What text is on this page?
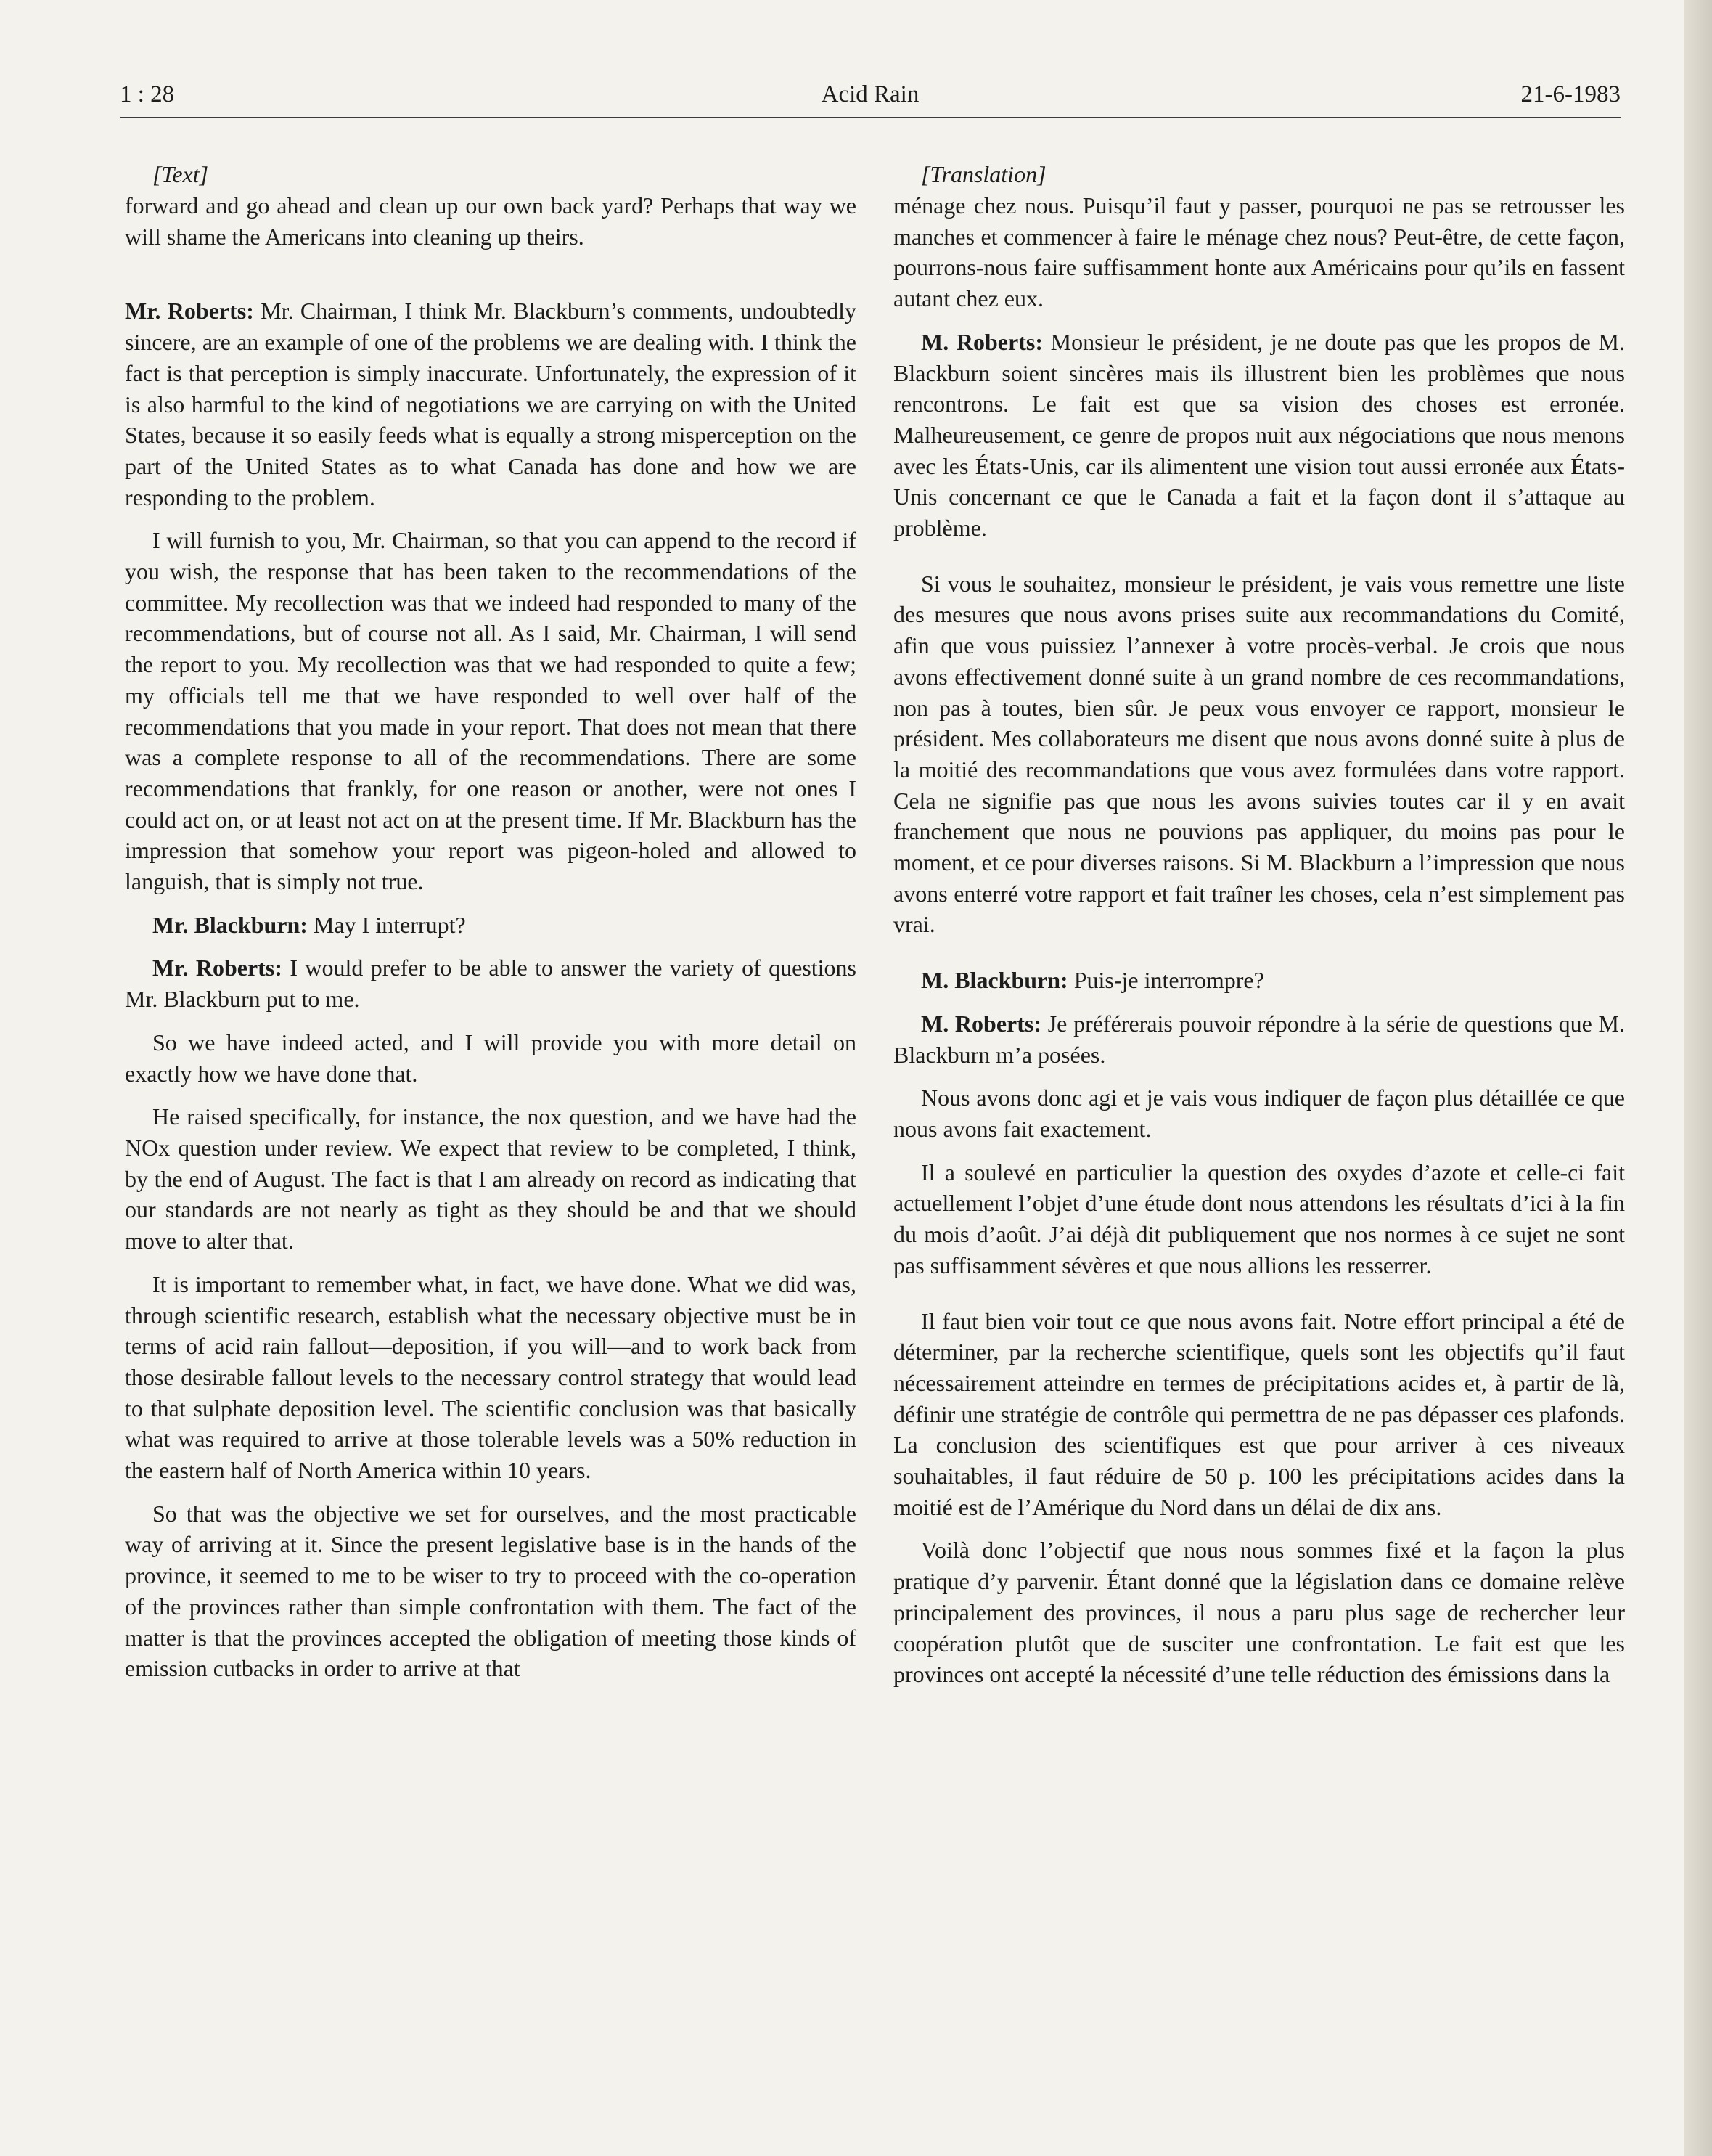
1 : 28	Acid Rain	21-6-1983

[Text]

forward and go ahead and clean up our own back yard? Perhaps that way we will shame the Americans into cleaning up theirs.

Mr. Roberts: Mr. Chairman, I think Mr. Blackburn’s comments, undoubtedly sincere, are an example of one of the problems we are dealing with. I think the fact is that perception is simply inaccurate. Unfortunately, the expression of it is also harmful to the kind of negotiations we are carrying on with the United States, because it so easily feeds what is equally a strong misperception on the part of the United States as to what Canada has done and how we are responding to the problem.

I will furnish to you, Mr. Chairman, so that you can append to the record if you wish, the response that has been taken to the recommendations of the committee. My recollection was that we indeed had responded to many of the recommendations, but of course not all. As I said, Mr. Chairman, I will send the report to you. My recollection was that we had responded to quite a few; my officials tell me that we have responded to well over half of the recommendations that you made in your report. That does not mean that there was a complete response to all of the recommendations. There are some recommendations that frankly, for one reason or another, were not ones I could act on, or at least not act on at the present time. If Mr. Blackburn has the impression that somehow your report was pigeon-holed and allowed to languish, that is simply not true.

Mr. Blackburn: May I interrupt?

Mr. Roberts: I would prefer to be able to answer the variety of questions Mr. Blackburn put to me.

So we have indeed acted, and I will provide you with more detail on exactly how we have done that.

He raised specifically, for instance, the nox question, and we have had the NOx question under review. We expect that review to be completed, I think, by the end of August. The fact is that I am already on record as indicating that our standards are not nearly as tight as they should be and that we should move to alter that.

It is important to remember what, in fact, we have done. What we did was, through scientific research, establish what the necessary objective must be in terms of acid rain fallout—deposition, if you will—and to work back from those desirable fallout levels to the necessary control strategy that would lead to that sulphate deposition level. The scientific conclusion was that basically what was required to arrive at those tolerable levels was a 50% reduction in the eastern half of North America within 10 years.

So that was the objective we set for ourselves, and the most practicable way of arriving at it. Since the present legislative base is in the hands of the province, it seemed to me to be wiser to try to proceed with the co-operation of the provinces rather than simple confrontation with them. The fact of the matter is that the provinces accepted the obligation of meeting those kinds of emission cutbacks in order to arrive at that

[Translation]

ménage chez nous. Puisqu’il faut y passer, pourquoi ne pas se retrousser les manches et commencer à faire le ménage chez nous? Peut-être, de cette façon, pourrons-nous faire suffisamment honte aux Américains pour qu’ils en fassent autant chez eux.

M. Roberts: Monsieur le président, je ne doute pas que les propos de M. Blackburn soient sincères mais ils illustrent bien les problèmes que nous rencontrons. Le fait est que sa vision des choses est erronée. Malheureusement, ce genre de propos nuit aux négociations que nous menons avec les États-Unis, car ils alimentent une vision tout aussi erronée aux États-Unis concernant ce que le Canada a fait et la façon dont il s’attaque au problème.

Si vous le souhaitez, monsieur le président, je vais vous remettre une liste des mesures que nous avons prises suite aux recommandations du Comité, afin que vous puissiez l’annexer à votre procès-verbal. Je crois que nous avons effectivement donné suite à un grand nombre de ces recommandations, non pas à toutes, bien sûr. Je peux vous envoyer ce rapport, monsieur le président. Mes collaborateurs me disent que nous avons donné suite à plus de la moitié des recommandations que vous avez formulées dans votre rapport. Cela ne signifie pas que nous les avons suivies toutes car il y en avait franchement que nous ne pouvions pas appliquer, du moins pas pour le moment, et ce pour diverses raisons. Si M. Blackburn a l’impression que nous avons enterré votre rapport et fait traîner les choses, cela n’est simplement pas vrai.

M. Blackburn: Puis-je interrompre?

M. Roberts: Je préférerais pouvoir répondre à la série de questions que M. Blackburn m’a posées.

Nous avons donc agi et je vais vous indiquer de façon plus détaillée ce que nous avons fait exactement.

Il a soulevé en particulier la question des oxydes d’azote et celle-ci fait actuellement l’objet d’une étude dont nous attendons les résultats d’ici à la fin du mois d’août. J’ai déjà dit publiquement que nos normes à ce sujet ne sont pas suffisamment sévères et que nous allions les resserrer.

Il faut bien voir tout ce que nous avons fait. Notre effort principal a été de déterminer, par la recherche scientifique, quels sont les objectifs qu’il faut nécessairement atteindre en termes de précipitations acides et, à partir de là, définir une stratégie de contrôle qui permettra de ne pas dépasser ces plafonds. La conclusion des scientifiques est que pour arriver à ces niveaux souhaitables, il faut réduire de 50 p. 100 les précipitations acides dans la moitié est de l’Amérique du Nord dans un délai de dix ans.

Voilà donc l’objectif que nous nous sommes fixé et la façon la plus pratique d’y parvenir. Étant donné que la législation dans ce domaine relève principalement des provinces, il nous a paru plus sage de rechercher leur coopération plutôt que de susciter une confrontation. Le fait est que les provinces ont accepté la nécessité d’une telle réduction des émissions dans la
